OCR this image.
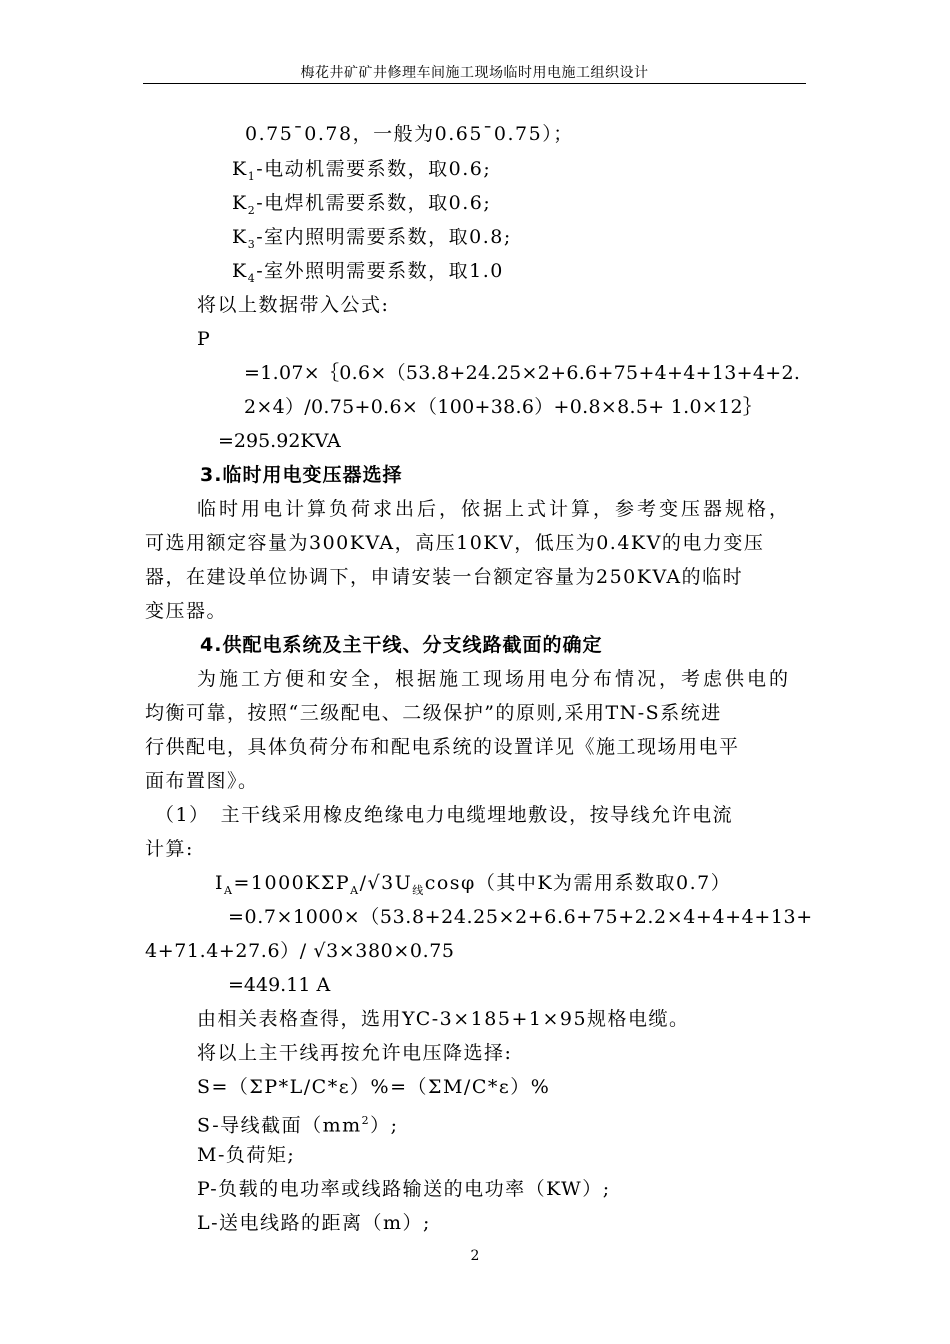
梅花井矿矿井修理车间施工现场临时用电施工组织设计
0.75¯0.78，一般为0.65¯0.75）；
$K_1-$电动机需要系数，取0.6;
$K_2-$电焊机需要系数，取0.6;
$K_3-$室内照明需要系数，取0.8;
$K_4-$室外照明需要系数，取1.0
将以上数据带入公式:
P
=1.07×｛0.6×（53.8+24.25×2+6.6+75+4+4+13+4+2.
2×4）/0.75+0.6×（100+38.6）+0.8×8.5+ 1.0×12｝
=295.92KVA
3.临时用电变压器选择
临时用电计算负荷求出后，依据上式计算，参考变压器规格，
可选用额定容量为300KVA，高压10KV，低压为0.4KV的电力变压
器，在建设单位协调下，申请安装一台额定容量为250KVA的临时
变压器。
4.供配电系统及主干线、分支线路截面的确定
为施工方便和安全，根据施工现场用电分布情况，考虑供电的
均衡可靠，按照“三级配电、二级保护”的原则,采用TN-S系统进
行供配电，具体负荷分布和配电系统的设置详见《施工现场用电平
面布置图》。
（1）　主干线采用橡皮绝缘电力电缆埋地敷设，按导线允许电流
计算:
$I_A=1000K\Sigma P_A/√3U_线\cos\varphi$（其中K为需用系数取0.7）
=0.7×1000×（53.8+24.25×2+6.6+75+2.2×4+4+4+13+
4+71.4+27.6）/ √3×380×0.75
=449.11 A
由相关表格查得，选用YC-3×185+1×95规格电缆。
将以上主干线再按允许电压降选择:
S=（ΣP*L/C*ε）%=（ΣM/C*ε）%
S-导线截面$(mm^2)$;
M-负荷矩;
P-负载的电功率或线路输送的电功率（KW）;
L-送电线路的距离（m）;
2
